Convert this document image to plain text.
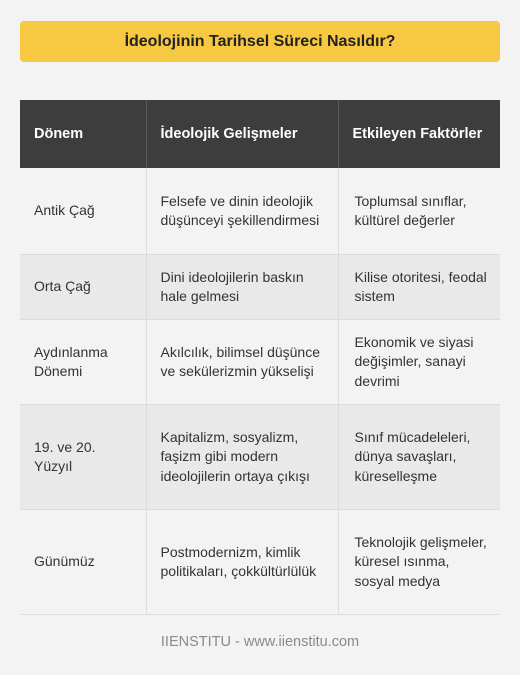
İdeolojinin Tarihsel Süreci Nasıldır?
Dönem	İdeolojik Gelişmeler	Etkileyen Faktörler
Antik Çağ	Felsefe ve dinin ideolojik düşünceyi şekillendirmesi	Toplumsal sınıflar, kültürel değerler
Orta Çağ	Dini ideolojilerin baskın hale gelmesi	Kilise otoritesi, feodal sistem
Aydınlanma Dönemi	Akılcılık, bilimsel düşünce ve sekülerizmin yükselişi	Ekonomik ve siyasi değişimler, sanayi devrimi
19. ve 20. Yüzyıl	Kapitalizm, sosyalizm, faşizm gibi modern ideolojilerin ortaya çıkışı	Sınıf mücadeleleri, dünya savaşları, küreselleşme
Günümüz	Postmodernizm, kimlik politikaları, çokkültürlülük	Teknolojik gelişmeler, küresel ısınma, sosyal medya
IIENSTITU - www.iienstitu.com
